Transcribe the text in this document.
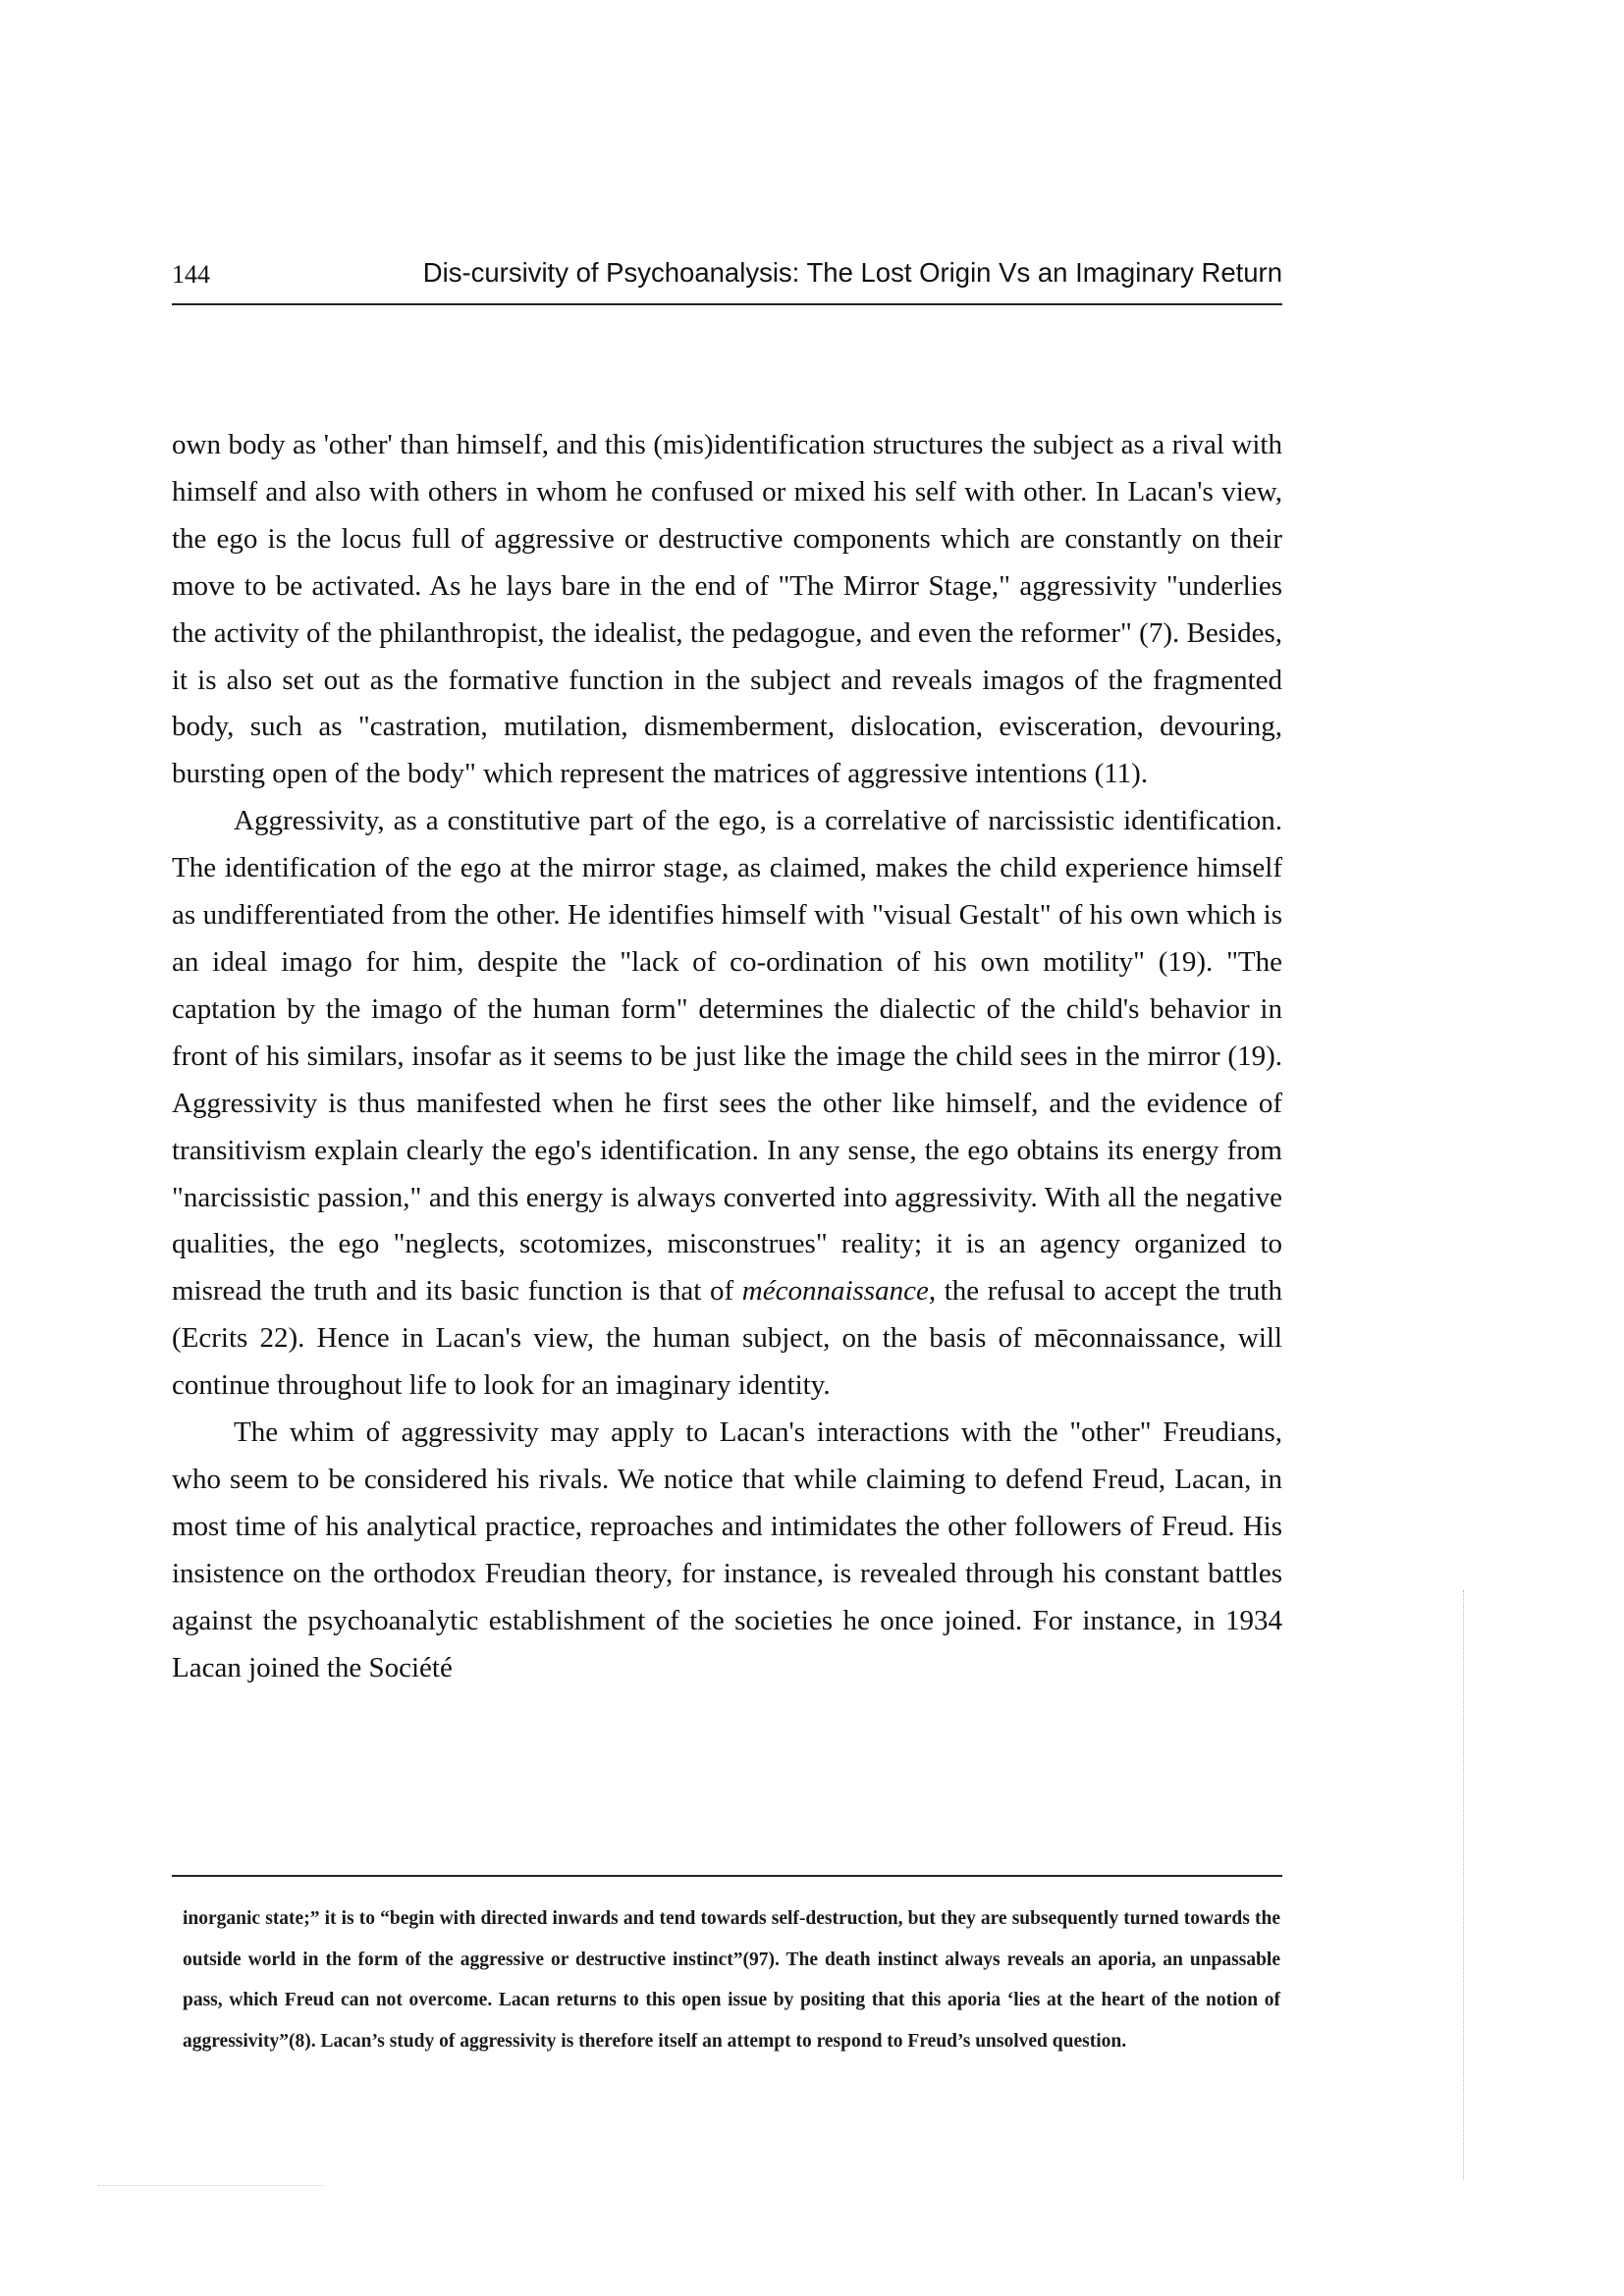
144	Dis-cursivity of Psychoanalysis: The Lost Origin Vs an Imaginary Return

own body as 'other' than himself, and this (mis)identification structures the subject as a rival with himself and also with others in whom he confused or mixed his self with other. In Lacan's view, the ego is the locus full of aggressive or destructive components which are constantly on their move to be activated. As he lays bare in the end of "The Mirror Stage," aggressivity "underlies the activity of the philanthropist, the idealist, the pedagogue, and even the reformer" (7). Besides, it is also set out as the formative function in the subject and reveals imagos of the fragmented body, such as "castration, mutilation, dismemberment, dislocation, evisceration, devouring, bursting open of the body" which represent the matrices of aggressive intentions (11).

Aggressivity, as a constitutive part of the ego, is a correlative of narcissistic identification. The identification of the ego at the mirror stage, as claimed, makes the child experience himself as undifferentiated from the other. He identifies himself with "visual Gestalt" of his own which is an ideal imago for him, despite the "lack of co-ordination of his own motility" (19). "The captation by the imago of the human form" determines the dialectic of the child's behavior in front of his similars, insofar as it seems to be just like the image the child sees in the mirror (19). Aggressivity is thus manifested when he first sees the other like himself, and the evidence of transitivism explain clearly the ego's identification. In any sense, the ego obtains its energy from "narcissistic passion," and this energy is always converted into aggressivity. With all the negative qualities, the ego "neglects, scotomizes, misconstrues" reality; it is an agency organized to misread the truth and its basic function is that of méconnaissance, the refusal to accept the truth (Ecrits 22). Hence in Lacan's view, the human subject, on the basis of mēconnaissance, will continue throughout life to look for an imaginary identity.

The whim of aggressivity may apply to Lacan's interactions with the "other" Freudians, who seem to be considered his rivals. We notice that while claiming to defend Freud, Lacan, in most time of his analytical practice, reproaches and intimidates the other followers of Freud. His insistence on the orthodox Freudian theory, for instance, is revealed through his constant battles against the psychoanalytic establishment of the societies he once joined. For instance, in 1934 Lacan joined the Société

inorganic state;” it is to “begin with directed inwards and tend towards self-destruction, but they are subsequently turned towards the outside world in the form of the aggressive or destructive instinct”(97). The death instinct always reveals an aporia, an unpassable pass, which Freud can not overcome. Lacan returns to this open issue by positing that this aporia ‘lies at the heart of the notion of aggressivity”(8). Lacan’s study of aggressivity is therefore itself an attempt to respond to Freud’s unsolved question.
